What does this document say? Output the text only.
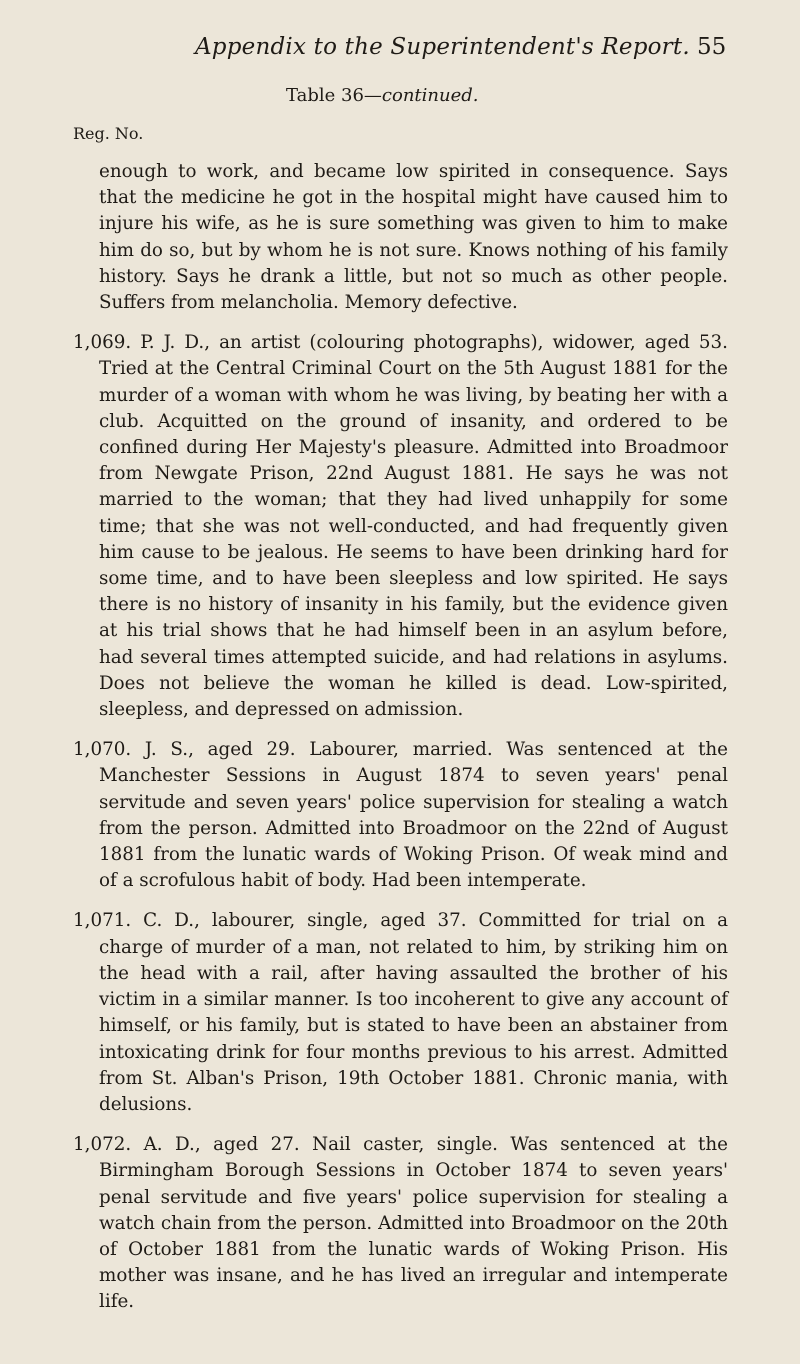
Appendix to the Superintendent's Report. 55
Table 36—continued.
Reg. No.

enough to work, and became low spirited in consequence. Says that the medicine he got in the hospital might have caused him to injure his wife, as he is sure something was given to him to make him do so, but by whom he is not sure. Knows nothing of his family history. Says he drank a little, but not so much as other people. Suffers from melancholia. Memory defective.

1,069. P. J. D., an artist (colouring photographs), widower, aged 53. Tried at the Central Criminal Court on the 5th August 1881 for the murder of a woman with whom he was living, by beating her with a club. Acquitted on the ground of insanity, and ordered to be confined during Her Majesty's pleasure. Admitted into Broadmoor from Newgate Prison, 22nd August 1881. He says he was not married to the woman; that they had lived unhappily for some time; that she was not well-conducted, and had frequently given him cause to be jealous. He seems to have been drinking hard for some time, and to have been sleepless and low spirited. He says there is no history of insanity in his family, but the evidence given at his trial shows that he had himself been in an asylum before, had several times attempted suicide, and had relations in asylums. Does not believe the woman he killed is dead. Low-spirited, sleepless, and depressed on admission.

1,070. J. S., aged 29. Labourer, married. Was sentenced at the Manchester Sessions in August 1874 to seven years' penal servitude and seven years' police supervision for stealing a watch from the person. Admitted into Broadmoor on the 22nd of August 1881 from the lunatic wards of Woking Prison. Of weak mind and of a scrofulous habit of body. Had been intemperate.

1,071. C. D., labourer, single, aged 37. Committed for trial on a charge of murder of a man, not related to him, by striking him on the head with a rail, after having assaulted the brother of his victim in a similar manner. Is too incoherent to give any account of himself, or his family, but is stated to have been an abstainer from intoxicating drink for four months previous to his arrest. Admitted from St. Alban's Prison, 19th October 1881. Chronic mania, with delusions.

1,072. A. D., aged 27. Nail caster, single. Was sentenced at the Birmingham Borough Sessions in October 1874 to seven years' penal servitude and five years' police supervision for stealing a watch chain from the person. Admitted into Broadmoor on the 20th of October 1881 from the lunatic wards of Woking Prison. His mother was insane, and he has lived an irregular and intemperate life.
